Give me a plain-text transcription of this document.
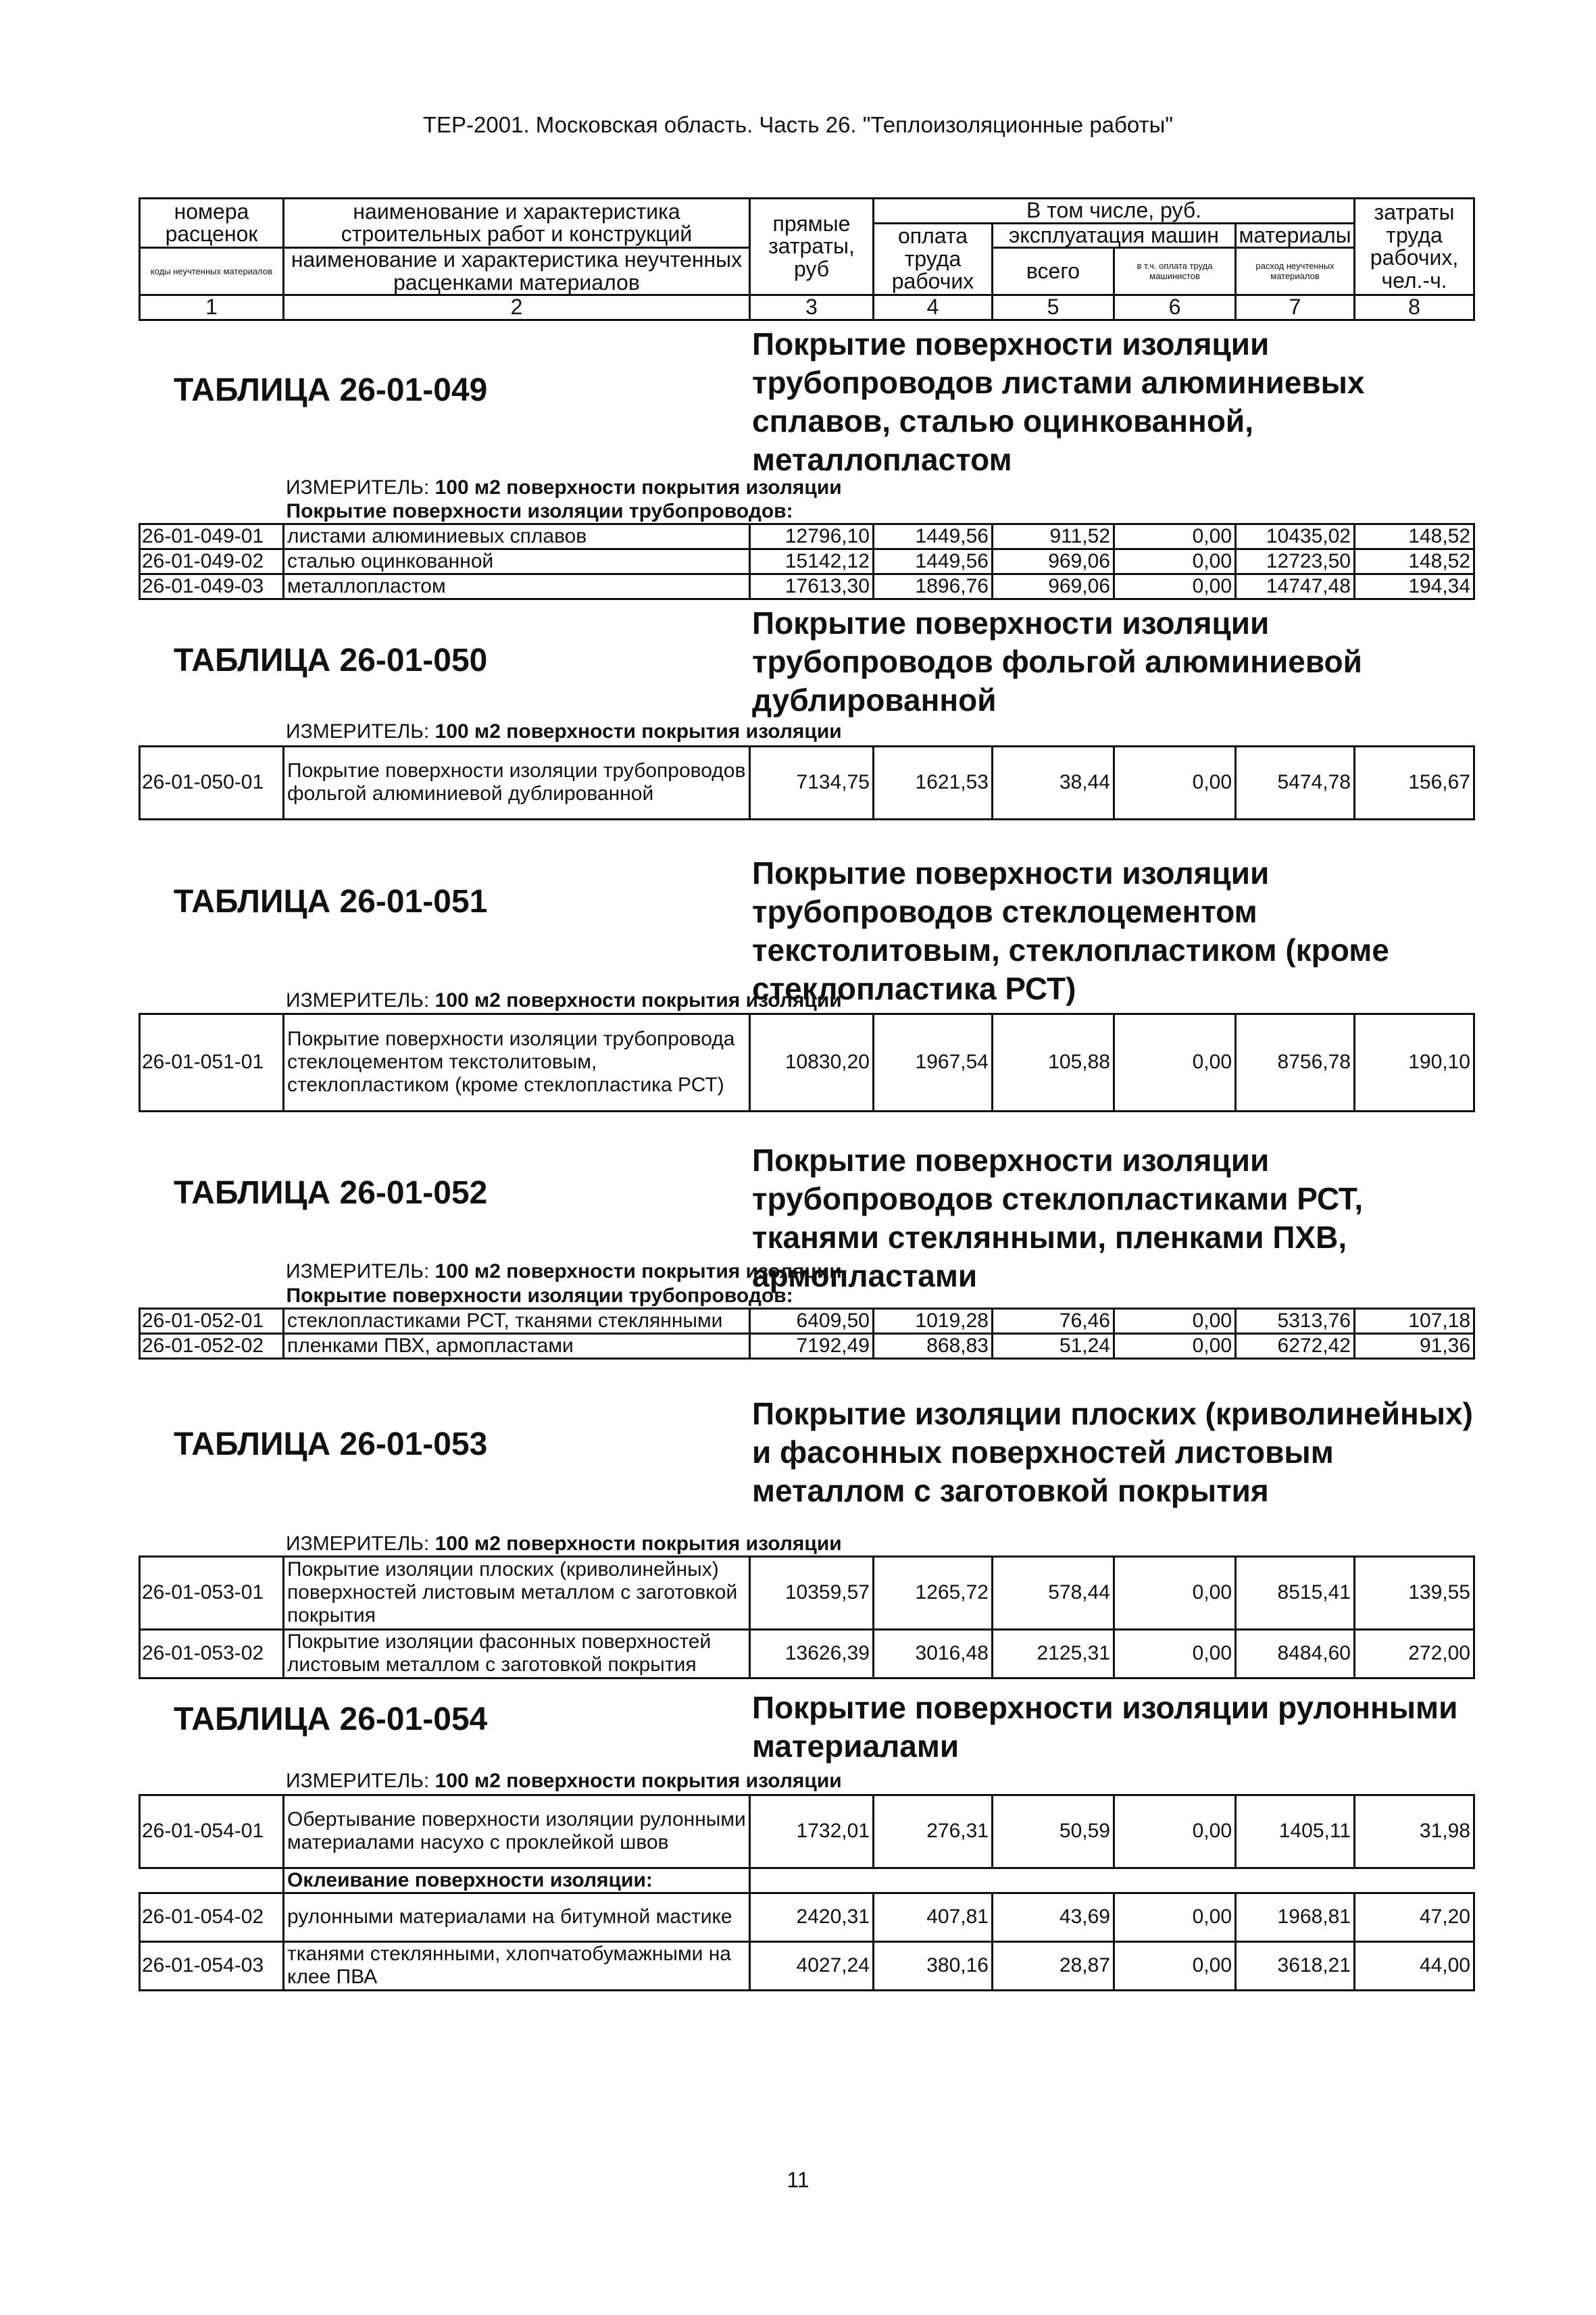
ТЕР-2001. Московская область. Часть 26. "Теплоизоляционные работы"
номера расценок	наименование и характеристика строительных работ и конструкций	прямые затраты, руб	В том числе, руб.				затраты труда рабочих, чел.-ч.
			оплата труда рабочих	эксплуатация машин		материалы	
коды неучтенных материалов	наименование и характеристика неучтенных расценками материалов			всего	в т.ч. оплата труда машинистов	расход неучтенных материалов	

1	2	3	4	5	6	7	8
ТАБЛИЦА 26-01-049
Покрытие поверхности изоляции трубопроводов листами алюминиевых сплавов, сталью оцинкованной, металлопластом
ИЗМЕРИТЕЛЬ: 100 м2 поверхности покрытия изоляции
	Покрытие поверхности изоляции трубопроводов:						
26-01-049-01	листами алюминиевых сплавов	12796,10	1449,56	911,52	0,00	10435,02	148,52
26-01-049-02	сталью оцинкованной	15142,12	1449,56	969,06	0,00	12723,50	148,52
26-01-049-03	металлопластом	17613,30	1896,76	969,06	0,00	14747,48	194,34
ТАБЛИЦА 26-01-050
Покрытие поверхности изоляции трубопроводов фольгой алюминиевой дублированной
ИЗМЕРИТЕЛЬ: 100 м2 поверхности покрытия изоляции
26-01-050-01	Покрытие поверхности изоляции трубопроводов фольгой алюминиевой дублированной	7134,75	1621,53	38,44	0,00	5474,78	156,67
ТАБЛИЦА 26-01-051
Покрытие поверхности изоляции трубопроводов стеклоцементом текстолитовым, стеклопластиком (кроме стеклопластика РСТ)
ИЗМЕРИТЕЛЬ: 100 м2 поверхности покрытия изоляции
26-01-051-01	Покрытие поверхности изоляции трубопровода стеклоцементом текстолитовым, стеклопластиком (кроме стеклопластика РСТ)	10830,20	1967,54	105,88	0,00	8756,78	190,10
ТАБЛИЦА 26-01-052
Покрытие поверхности изоляции трубопроводов стеклопластиками РСТ, тканями стеклянными, пленками ПХВ, армопластами
ИЗМЕРИТЕЛЬ: 100 м2 поверхности покрытия изоляции
	Покрытие поверхности изоляции трубопроводов:						
26-01-052-01	стеклопластиками РСТ, тканями стеклянными	6409,50	1019,28	76,46	0,00	5313,76	107,18
26-01-052-02	пленками ПВХ, армопластами	7192,49	868,83	51,24	0,00	6272,42	91,36
ТАБЛИЦА 26-01-053
Покрытие изоляции плоских (криволинейных) и фасонных поверхностей листовым металлом с заготовкой покрытия
ИЗМЕРИТЕЛЬ: 100 м2 поверхности покрытия изоляции
26-01-053-01	Покрытие изоляции плоских (криволинейных) поверхностей листовым металлом с заготовкой покрытия	10359,57	1265,72	578,44	0,00	8515,41	139,55
26-01-053-02	Покрытие изоляции фасонных поверхностей листовым металлом с заготовкой покрытия	13626,39	3016,48	2125,31	0,00	8484,60	272,00
ТАБЛИЦА 26-01-054	Покрытие поверхности изоляции рулонными материалами
ИЗМЕРИТЕЛЬ: 100 м2 поверхности покрытия изоляции
26-01-054-01	Обертывание поверхности изоляции рулонными материалами насухо с проклейкой швов	1732,01	276,31	50,59	0,00	1405,11	31,98
	Оклеивание поверхности изоляции:						
26-01-054-02	рулонными материалами на битумной мастике	2420,31	407,81	43,69	0,00	1968,81	47,20
26-01-054-03	тканями стеклянными, хлопчатобумажными на клее ПВА	4027,24	380,16	28,87	0,00	3618,21	44,00
11
